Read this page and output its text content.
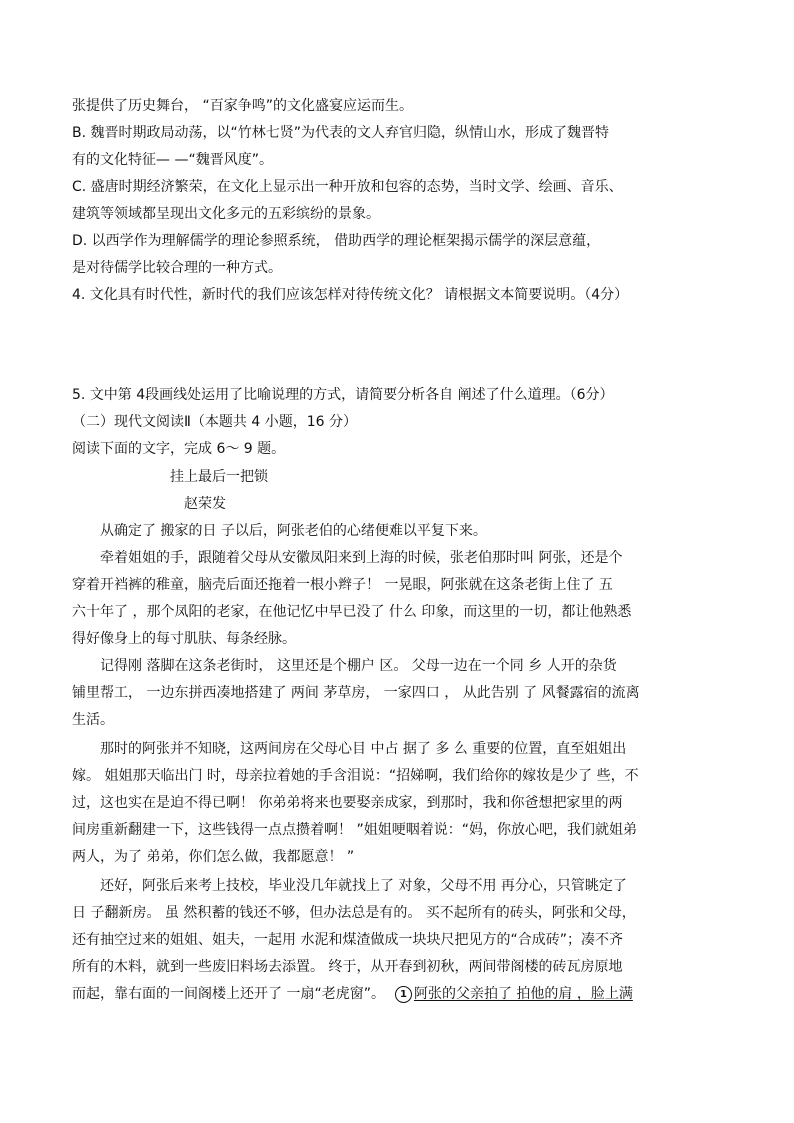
张提供了历史舞台， “百家争鸣”的文化盛宴应运而生。
B. 魏晋时期政局动荡，以“竹林七贤”为代表的文人弃官归隐，纵情山水，形成了魏晋特
有的文化特征— —“魏晋风度”。
C. 盛唐时期经济繁荣，在文化上显示出一种开放和包容的态势，当时文学、绘画、音乐、
建筑等领域都呈现出文化多元的五彩缤纷的景象。
D. 以西学作为理解儒学的理论参照系统， 借助西学的理论框架揭示儒学的深层意蕴，
是对待儒学比较合理的一种方式。
4. 文化具有时代性，新时代的我们应该怎样对待传统文化？ 请根据文本简要说明。（4分）
5. 文中第 4段画线处运用了比喻说理的方式，请简要分析各自 阐述了什么道理。（6分）
（二）现代文阅读Ⅱ（本题共 4 小题，16 分）
阅读下面的文字，完成 6～ 9 题。
挂上最后一把锁
赵荣发
从确定了 搬家的日 子以后，阿张老伯的心绪便难以平复下来。
牵着姐姐的手，跟随着父母从安徽凤阳来到上海的时候，张老伯那时叫 阿张，还是个
穿着开裆裤的稚童，脑壳后面还拖着一根小辫子！ 一晃眼，阿张就在这条老街上住了 五
六十年了 ，那个凤阳的老家，在他记忆中早已没了 什么 印象，而这里的一切，都让他熟悉
得好像身上的每寸肌肤、每条经脉。
记得刚 落脚在这条老街时， 这里还是个棚户 区。 父母一边在一个同 乡 人开的杂货
铺里帮工， 一边东拼西凑地搭建了 两间 茅草房， 一家四口 ， 从此告别 了 风餐露宿的流离
生活。
那时的阿张并不知晓，这两间房在父母心目 中占 据了 多 么 重要的位置，直至姐姐出
嫁。 姐姐那天临出门 时，母亲拉着她的手含泪说：“招娣啊，我们给你的嫁妆是少了 些，不
过，这也实在是迫不得已啊！ 你弟弟将来也要娶亲成家，到那时，我和你爸想把家里的两
间房重新翻建一下，这些钱得一点点攒着啊！ ”姐姐哽咽着说：“妈，你放心吧，我们就姐弟
两人，为了 弟弟，你们怎么做，我都愿意！ ”
还好，阿张后来考上技校，毕业没几年就找上了 对象，父母不用 再分心，只管眺定了
日 子翻新房。 虽 然积蓄的钱还不够，但办法总是有的。 买不起所有的砖头，阿张和父母，
还有抽空过来的姐姐、姐夫，一起用 水泥和煤渣做成一块块尺把见方的“合成砖”；凑不齐
所有的木料，就到一些废旧料场去添置。 终于，从开春到初秋，两间带阁楼的砖瓦房原地
而起，靠右面的一间阁楼上还开了 一扇“老虎窗”。 1 阿张的父亲拍了 拍他的肩 ，脸上满
